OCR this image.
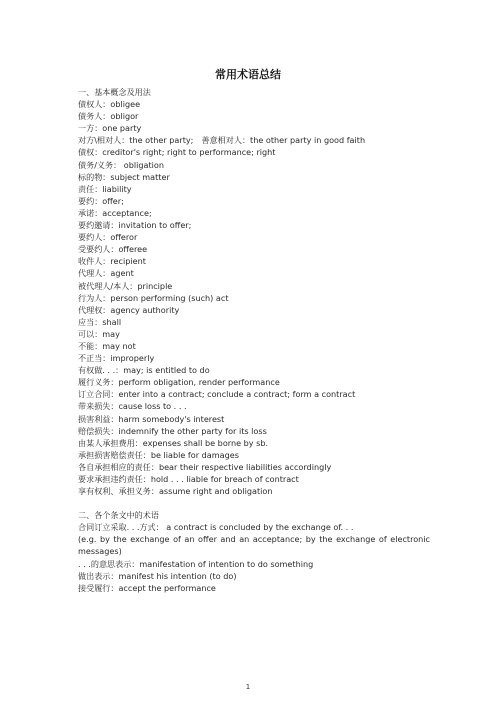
常用术语总结
一、基本概念及用法
债权人：obligee
债务人：obligor
一方：one party
对方\相对人：the other party;　善意相对人：the other party in good faith
债权：creditor's right; right to performance; right
债务/义务： obligation
标的物：subject matter
责任：liability
要约：offer;
承诺：acceptance;
要约邀请：invitation to offer;
要约人：offeror
受要约人：offeree
收件人：recipient
代理人：agent
被代理人/本人：principle
行为人：person performing (such) act
代理权：agency authority
应当：shall
可以：may
不能：may not
不正当：improperly
有权做. . .：may; is entitled to do
履行义务：perform obligation, render performance
订立合同：enter into a contract; conclude a contract; form a contract
带来损失：cause loss to . . .
损害利益：harm somebody's interest
赔偿损失：indemnify the other party for its loss
由某人承担费用：expenses shall be borne by sb.
承担损害赔偿责任：be liable for damages
各自承担相应的责任：bear their respective liabilities accordingly
要求承担违约责任：hold . . . liable for breach of contract
享有权利、承担义务：assume right and obligation
二、各个条文中的术语
合同订立采取. . .方式： a contract is concluded by the exchange of. . .
(e.g. by the exchange of an offer and an acceptance; by the exchange of electronic messages)
. . .的意思表示：manifestation of intention to do something
做出表示：manifest his intention (to do)
接受履行：accept the performance
1
